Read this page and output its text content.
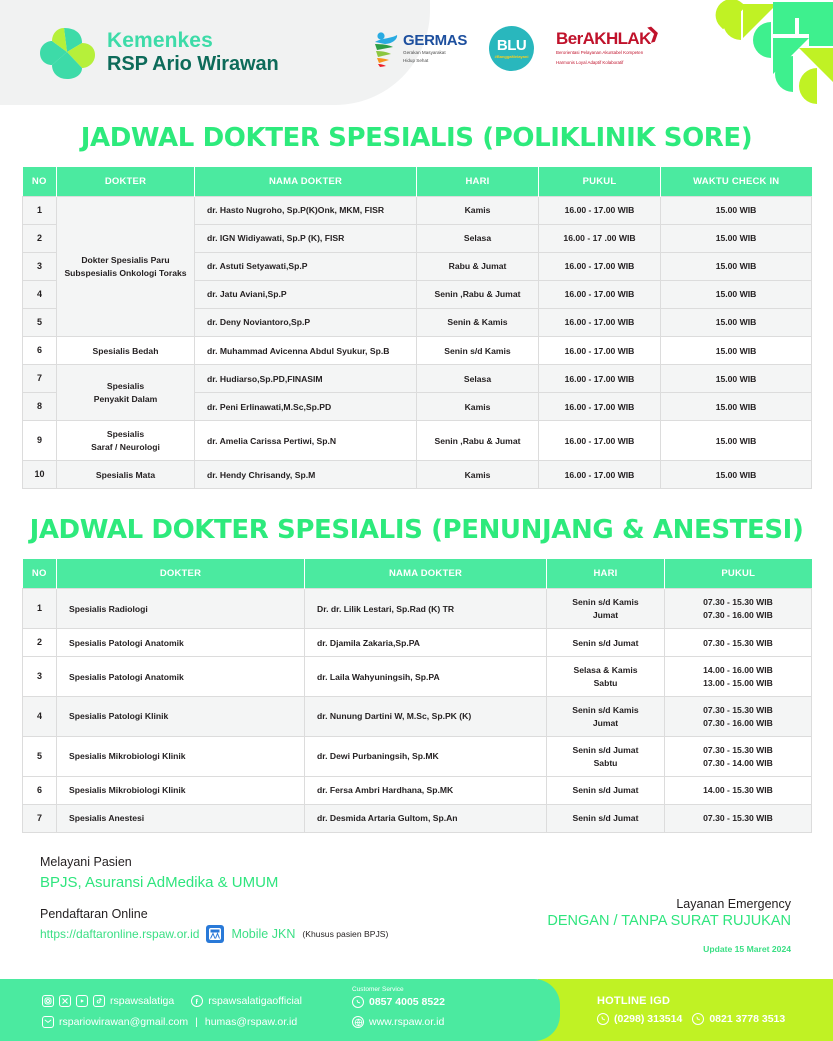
Kemenkes
RSP Ario Wirawan
GERMAS
Gerakan Masyarakat
Hidup Sehat
BLU
#BanggaMelayani
BerAKHLAK
❯
Berorientasi Pelayanan Akuntabel Kompeten
Harmonis Loyal Adaptif Kolaboratif
JADWAL DOKTER SPESIALIS (POLIKLINIK SORE)
NO	DOKTER	NAMA DOKTER	HARI	PUKUL	WAKTU CHECK IN
1	Dokter Spesialis Paru
Subspesialis Onkologi Toraks	dr. Hasto Nugroho, Sp.P(K)Onk, MKM, FISR	Kamis	16.00 - 17.00 WIB	15.00 WIB
2		dr. IGN Widiyawati, Sp.P (K), FISR	Selasa	16.00 - 17 .00 WIB	15.00 WIB
3		dr. Astuti Setyawati,Sp.P	Rabu & Jumat	16.00 - 17.00 WIB	15.00 WIB
4		dr. Jatu Aviani,Sp.P	Senin ,Rabu & Jumat	16.00 - 17.00 WIB	15.00 WIB
5		dr. Deny Noviantoro,Sp.P	Senin & Kamis	16.00 - 17.00 WIB	15.00 WIB
6	Spesialis Bedah	dr. Muhammad Avicenna Abdul Syukur, Sp.B	Senin s/d Kamis	16.00 - 17.00 WIB	15.00 WIB
7	Spesialis
Penyakit Dalam	dr. Hudiarso,Sp.PD,FINASIM	Selasa	16.00 - 17.00 WIB	15.00 WIB
8		dr. Peni Erlinawati,M.Sc,Sp.PD	Kamis	16.00 - 17.00 WIB	15.00 WIB
9	Spesialis
Saraf / Neurologi	dr. Amelia Carissa Pertiwi, Sp.N	Senin ,Rabu & Jumat	16.00 - 17.00 WIB	15.00 WIB
10	Spesialis Mata	dr. Hendy Chrisandy, Sp.M	Kamis	16.00 - 17.00 WIB	15.00 WIB
JADWAL DOKTER SPESIALIS (PENUNJANG & ANESTESI)
NO	DOKTER	NAMA DOKTER	HARI	PUKUL
1	Spesialis Radiologi	Dr. dr. Lilik Lestari, Sp.Rad (K) TR	Senin s/d Kamis
Jumat	07.30 - 15.30 WIB
07.30 - 16.00 WIB
2	Spesialis Patologi Anatomik	dr. Djamila Zakaria,Sp.PA	Senin s/d Jumat	07.30 - 15.30 WIB
3	Spesialis Patologi Anatomik	dr. Laila Wahyuningsih, Sp.PA	Selasa & Kamis
Sabtu	14.00 - 16.00 WIB
13.00 - 15.00 WIB
4	Spesialis Patologi Klinik	dr. Nunung Dartini W, M.Sc, Sp.PK (K)	Senin s/d Kamis
Jumat	07.30 - 15.30 WIB
07.30 - 16.00 WIB
5	Spesialis Mikrobiologi Klinik	dr. Dewi Purbaningsih, Sp.MK	Senin s/d Jumat
Sabtu	07.30 - 15.30 WIB
07.30 - 14.00 WIB
6	Spesialis Mikrobiologi Klinik	dr. Fersa Ambri Hardhana, Sp.MK	Senin s/d Jumat	14.00 - 15.30 WIB
7	Spesialis Anestesi	dr. Desmida Artaria Gultom, Sp.An	Senin s/d Jumat	07.30 - 15.30 WIB
Melayani Pasien
BPJS, Asuransi AdMedika & UMUM
Pendaftaran Online
https://daftaronline.rspaw.or.id	Mobile JKN (Khusus pasien BPJS)
Layanan Emergency
DENGAN / TANPA SURAT RUJUKAN
Update 15 Maret 2024
rspawsalatiga	rspawsalatigaofficial
rspariowirawan@gmail.com | humas@rspaw.or.id
Customer Service
0857 4005 8522
www.rspaw.or.id
HOTLINE IGD
(0298) 313514	0821 3778 3513
